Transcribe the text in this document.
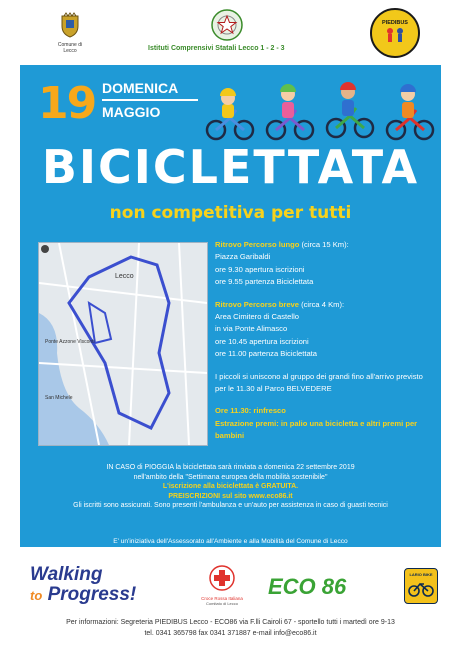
Comune di Lecco	Istituti Comprensivi Statali Lecco 1 - 2 - 3
PIEDIBUS
19 DOMENICA
MAGGIO
BICICLETTATA
non competitiva per tutti
Lecco
Ponte Azzone Visconti
San Michele
Ritrovo Percorso lungo (circa 15 Km):
Piazza Garibaldi
ore 9.30 apertura iscrizioni
ore 9.55 partenza Biciclettata
Ritrovo Percorso breve (circa 4 Km):
Area Cimitero di Castello
in via Ponte Alimasco
ore 10.45 apertura iscrizioni
ore 11.00 partenza Biciclettata
I piccoli si uniscono al gruppo dei grandi fino all'arrivo previsto per le 11.30 al Parco BELVEDERE
Ore 11.30: rinfresco
Estrazione premi: in palio una bicicletta e altri premi per bambini
IN CASO di PIOGGIA la biciclettata sarà rinviata a domenica 22 settembre 2019
nell'ambito della "Settimana europea della mobilità sostenibile"
L'iscrizione alla biciclettata è GRATUITA.
PREISCRIZIONI sul sito www.eco86.it
Gli iscritti sono assicurati. Sono presenti l'ambulanza e un'auto per assistenza in caso di guasti tecnici
E' un'iniziativa dell'Assessorato all'Ambiente e alla Mobilità del Comune di Lecco
Walking
to Progress!	Croce Rossa Italiana
Comitato di Lecco
ECO 86	LARIO BIKE
Per informazioni: Segreteria PIEDIBUS Lecco - ECO86 via F.lli Cairoli 67 - sportello tutti i martedì ore 9-13
tel. 0341 365798 fax 0341 371887 e-mail info@eco86.it
